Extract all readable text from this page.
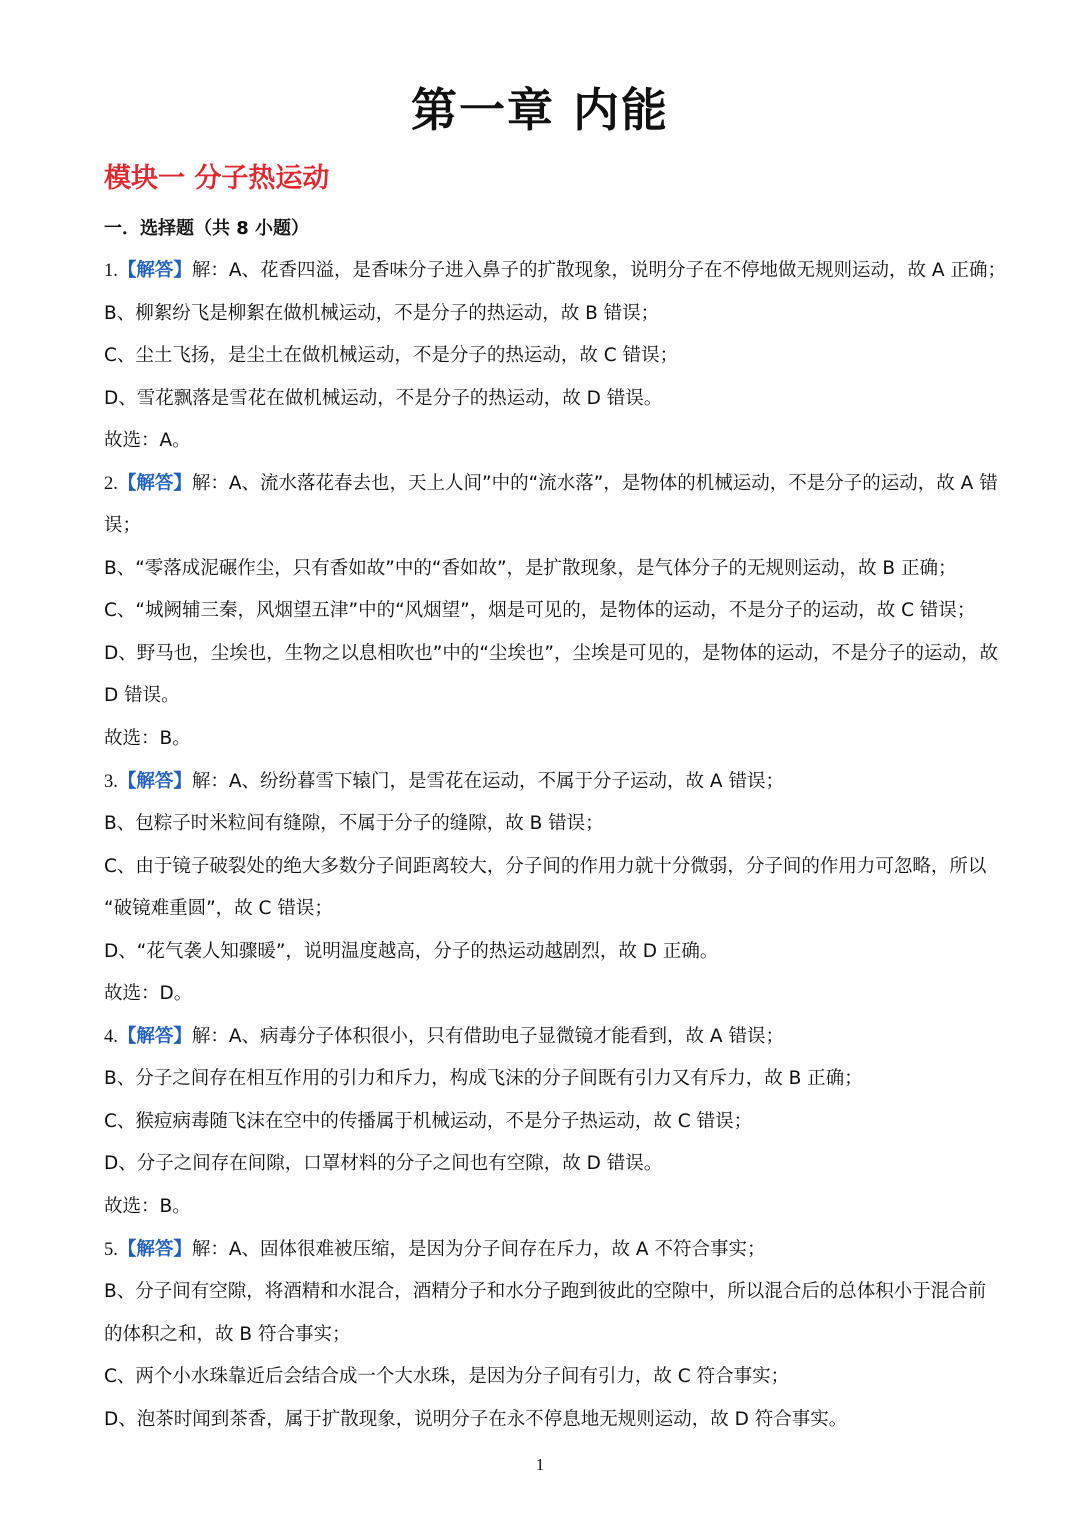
第一章 内能
模块一 分子热运动
一．选择题（共 8 小题）
1.【解答】解：A、花香四溢，是香味分子进入鼻子的扩散现象，说明分子在不停地做无规则运动，故 A 正确；
B、柳絮纷飞是柳絮在做机械运动，不是分子的热运动，故 B 错误；
C、尘土飞扬，是尘土在做机械运动，不是分子的热运动，故 C 错误；
D、雪花飘落是雪花在做机械运动，不是分子的热运动，故 D 错误。
故选：A。
2.【解答】解：A、流水落花春去也，天上人间”中的“流水落”，是物体的机械运动，不是分子的运动，故 A 错
误；
B、“零落成泥碾作尘，只有香如故”中的“香如故”，是扩散现象，是气体分子的无规则运动，故 B 正确；
C、“城阙辅三秦，风烟望五津”中的“风烟望”，烟是可见的，是物体的运动，不是分子的运动，故 C 错误；
D、野马也，尘埃也，生物之以息相吹也”中的“尘埃也”，尘埃是可见的，是物体的运动，不是分子的运动，故
D 错误。
故选：B。
3.【解答】解：A、纷纷暮雪下辕门，是雪花在运动，不属于分子运动，故 A 错误；
B、包粽子时米粒间有缝隙，不属于分子的缝隙，故 B 错误；
C、由于镜子破裂处的绝大多数分子间距离较大，分子间的作用力就十分微弱，分子间的作用力可忽略，所以
“破镜难重圆”，故 C 错误；
D、“花气袭人知骤暖”，说明温度越高，分子的热运动越剧烈，故 D 正确。
故选：D。
4.【解答】解：A、病毒分子体积很小，只有借助电子显微镜才能看到，故 A 错误；
B、分子之间存在相互作用的引力和斥力，构成飞沫的分子间既有引力又有斥力，故 B 正确；
C、猴痘病毒随飞沫在空中的传播属于机械运动，不是分子热运动，故 C 错误；
D、分子之间存在间隙，口罩材料的分子之间也有空隙，故 D 错误。
故选：B。
5.【解答】解：A、固体很难被压缩，是因为分子间存在斥力，故 A 不符合事实；
B、分子间有空隙，将酒精和水混合，酒精分子和水分子跑到彼此的空隙中，所以混合后的总体积小于混合前
的体积之和，故 B 符合事实；
C、两个小水珠靠近后会结合成一个大水珠，是因为分子间有引力，故 C 符合事实；
D、泡茶时闻到茶香，属于扩散现象，说明分子在永不停息地无规则运动，故 D 符合事实。
1
